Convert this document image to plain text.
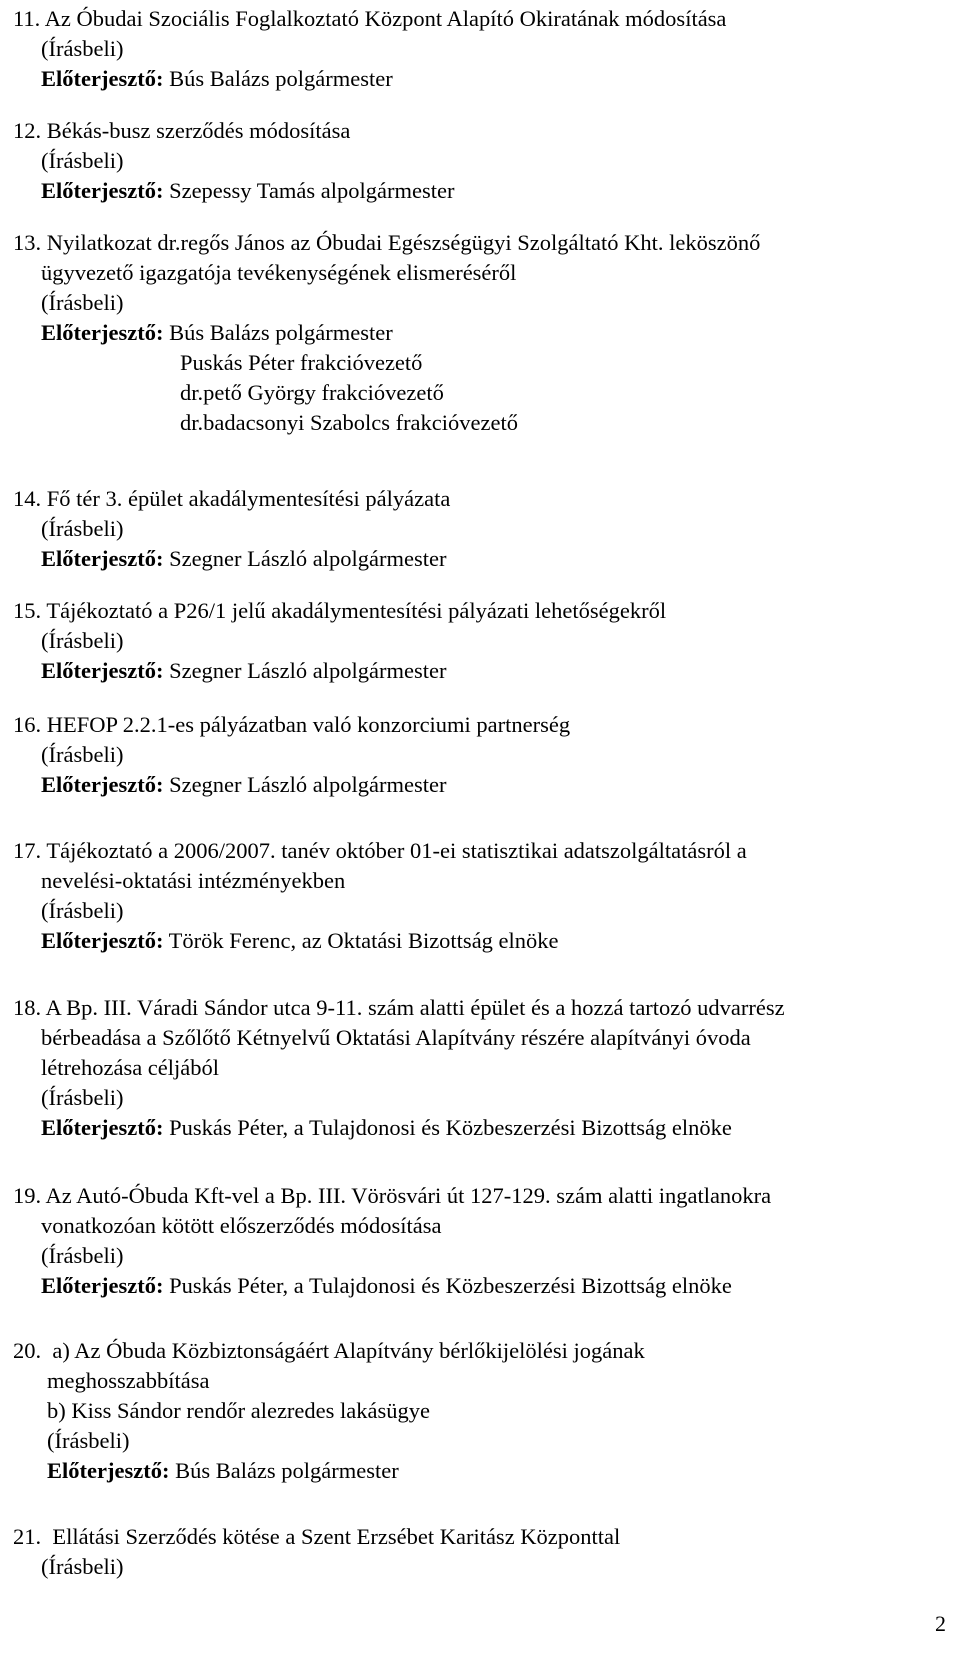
11. Az Óbudai Szociális Foglalkoztató Központ Alapító Okiratának módosítása
(Írásbeli)
Előterjesztő: Bús Balázs polgármester
12. Békás-busz szerződés módosítása
(Írásbeli)
Előterjesztő: Szepessy Tamás alpolgármester
13. Nyilatkozat dr.regős János az Óbudai Egészségügyi Szolgáltató Kht. leköszönő
ügyvezető igazgatója tevékenységének elismeréséről
(Írásbeli)
Előterjesztő: Bús Balázs polgármester
Puskás Péter frakcióvezető
dr.pető György frakcióvezető
dr.badacsonyi Szabolcs frakcióvezető
14. Fő tér 3. épület akadálymentesítési pályázata
(Írásbeli)
Előterjesztő: Szegner László alpolgármester
15. Tájékoztató a P26/1 jelű akadálymentesítési pályázati lehetőségekről
(Írásbeli)
Előterjesztő: Szegner László alpolgármester
16. HEFOP 2.2.1-es pályázatban való konzorciumi partnerség
(Írásbeli)
Előterjesztő: Szegner László alpolgármester
17. Tájékoztató a 2006/2007. tanév október 01-ei statisztikai adatszolgáltatásról a
nevelési-oktatási intézményekben
(Írásbeli)
Előterjesztő: Török Ferenc, az Oktatási Bizottság elnöke
18. A Bp. III. Váradi Sándor utca 9-11. szám alatti épület és a hozzá tartozó udvarrész
bérbeadása a Szőlőtő Kétnyelvű Oktatási Alapítvány részére alapítványi óvoda
létrehozása céljából
(Írásbeli)
Előterjesztő: Puskás Péter, a Tulajdonosi és Közbeszerzési Bizottság elnöke
19. Az Autó-Óbuda Kft-vel a Bp. III. Vörösvári út 127-129. szám alatti ingatlanokra
vonatkozóan kötött előszerződés módosítása
(Írásbeli)
Előterjesztő: Puskás Péter, a Tulajdonosi és Közbeszerzési Bizottság elnöke
20. a) Az Óbuda Közbiztonságáért Alapítvány bérlőkijelölési jogának
meghosszabbítása
b) Kiss Sándor rendőr alezredes lakásügye
(Írásbeli)
Előterjesztő: Bús Balázs polgármester
21. Ellátási Szerződés kötése a Szent Erzsébet Karitász Központtal
(Írásbeli)
2
